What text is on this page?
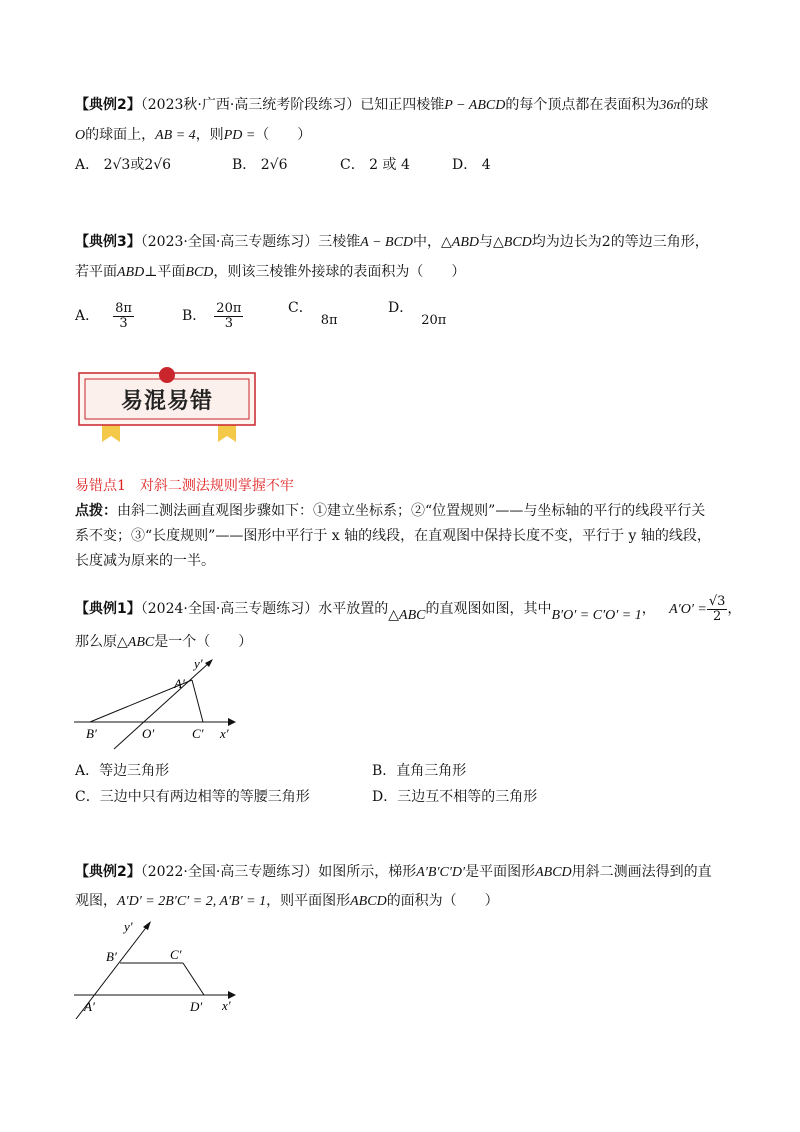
【典例2】（2023秋·广西·高三统考阶段练习）已知正四棱锥P − ABCD的每个顶点都在表面积为36π的球
O的球面上，AB = 4，则PD =（　　）
A． 2√3或2√6	B． 2√6	C． 2 或 4	D． 4
【典例3】（2023·全国·高三专题练习）三棱锥A − BCD中，△ABD与△BCD均为边长为2的等边三角形，
若平面ABD⊥平面BCD，则该三棱锥外接球的表面积为（　　）
A． $\frac{8\pi}{3}$	B． $\frac{20\pi}{3}$	C．8π
D．20π
易混易错
易错点1　对斜二测法规则掌握不牢
点拨：由斜二测法画直观图步骤如下：①建立坐标系；②“位置规则”——与坐标轴的平行的线段平行关
系不变；③“长度规则”——图形中平行于 x 轴的线段，在直观图中保持长度不变，平行于 y 轴的线段，
长度减为原来的一半。
【典例1】（2024·全国·高三专题练习）水平放置的△ABC的直观图如图，其中B′O′ = C′O′ = 1， $A'O' = \frac{√3}{2}$ ，
那么原△ABC是一个（　　）
y′
x′
A′
B′	O′	C′
A．等边三角形	B．直角三角形
C．三边中只有两边相等的等腰三角形	D．三边互不相等的三角形
【典例2】（2022·全国·高三专题练习）如图所示，梯形A′B′C′D′是平面图形ABCD用斜二测画法得到的直
观图，A′D′ = 2B′C′ = 2, A′B′ = 1，则平面图形ABCD的面积为（　　）
y′
x′
A′
B′	C′
D′
